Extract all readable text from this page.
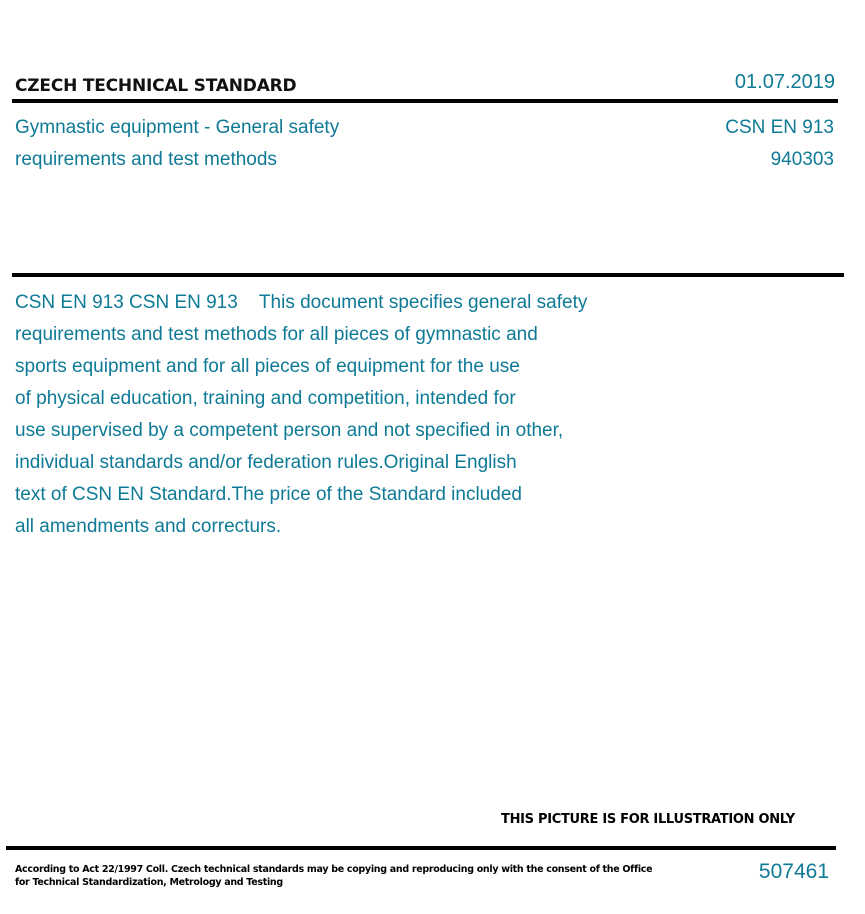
CZECH TECHNICAL STANDARD	01.07.2019
Gymnastic equipment - General safety
requirements and test methods
CSN EN 913
940303
CSN EN 913 CSN EN 913    This document specifies general safety
requirements and test methods for all pieces of gymnastic and
sports equipment and for all pieces of equipment for the use
of physical education, training and competition, intended for
use supervised by a competent person and not specified in other,
individual standards and/or federation rules.Original English
text of CSN EN Standard.The price of the Standard included
all amendments and correcturs.
THIS PICTURE IS FOR ILLUSTRATION ONLY
According to Act 22/1997 Coll. Czech technical standards may be copying and reproducing only with the consent of the Office
for Technical Standardization, Metrology and Testing	507461
